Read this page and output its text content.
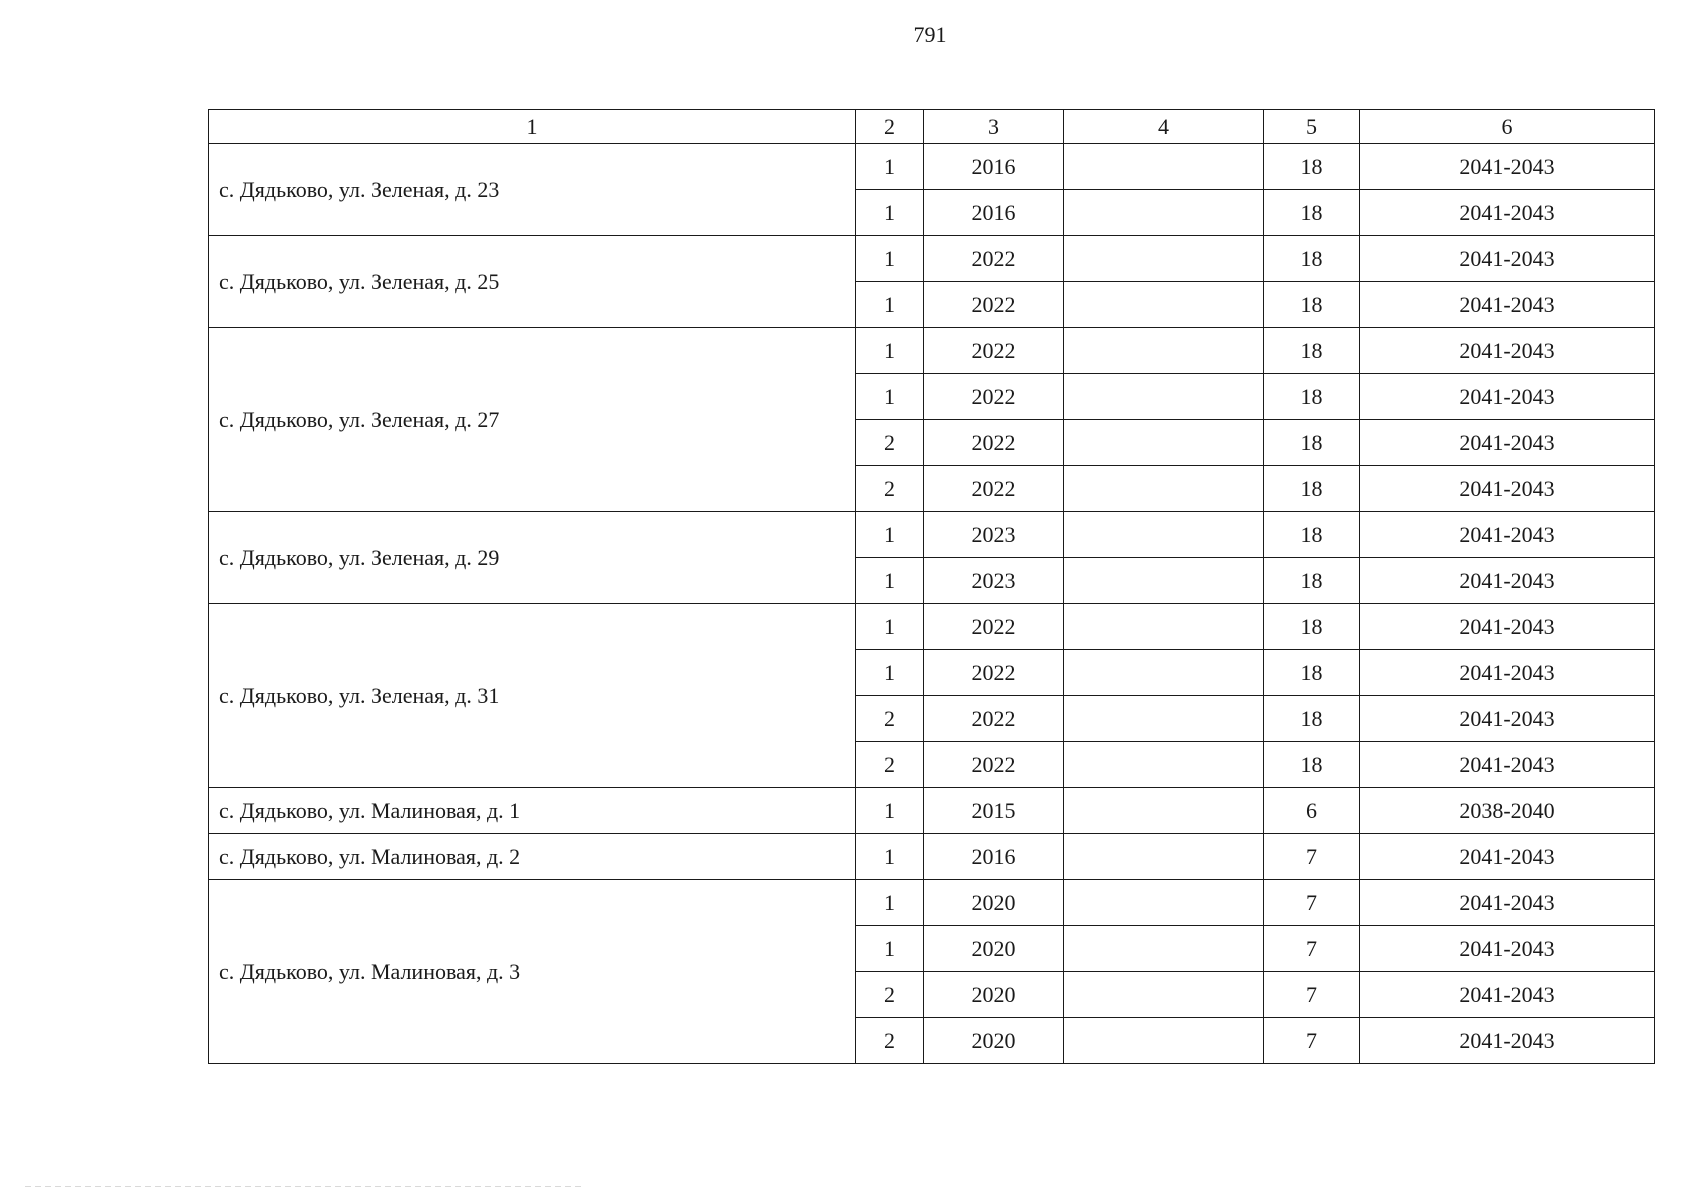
791
1	2	3	4	5	6
с. Дядьково, ул. Зеленая, д. 23	1	2016		18	2041-2043
	1	2016		18	2041-2043
с. Дядьково, ул. Зеленая, д. 25	1	2022		18	2041-2043
	1	2022		18	2041-2043
с. Дядьково, ул. Зеленая, д. 27	1	2022		18	2041-2043
	1	2022		18	2041-2043
	2	2022		18	2041-2043
	2	2022		18	2041-2043
с. Дядьково, ул. Зеленая, д. 29	1	2023		18	2041-2043
	1	2023		18	2041-2043
с. Дядьково, ул. Зеленая, д. 31	1	2022		18	2041-2043
	1	2022		18	2041-2043
	2	2022		18	2041-2043
	2	2022		18	2041-2043
с. Дядьково, ул. Малиновая, д. 1	1	2015		6	2038-2040
с. Дядьково, ул. Малиновая, д. 2	1	2016		7	2041-2043
с. Дядьково, ул. Малиновая, д. 3	1	2020		7	2041-2043
	1	2020		7	2041-2043
	2	2020		7	2041-2043
	2	2020		7	2041-2043
